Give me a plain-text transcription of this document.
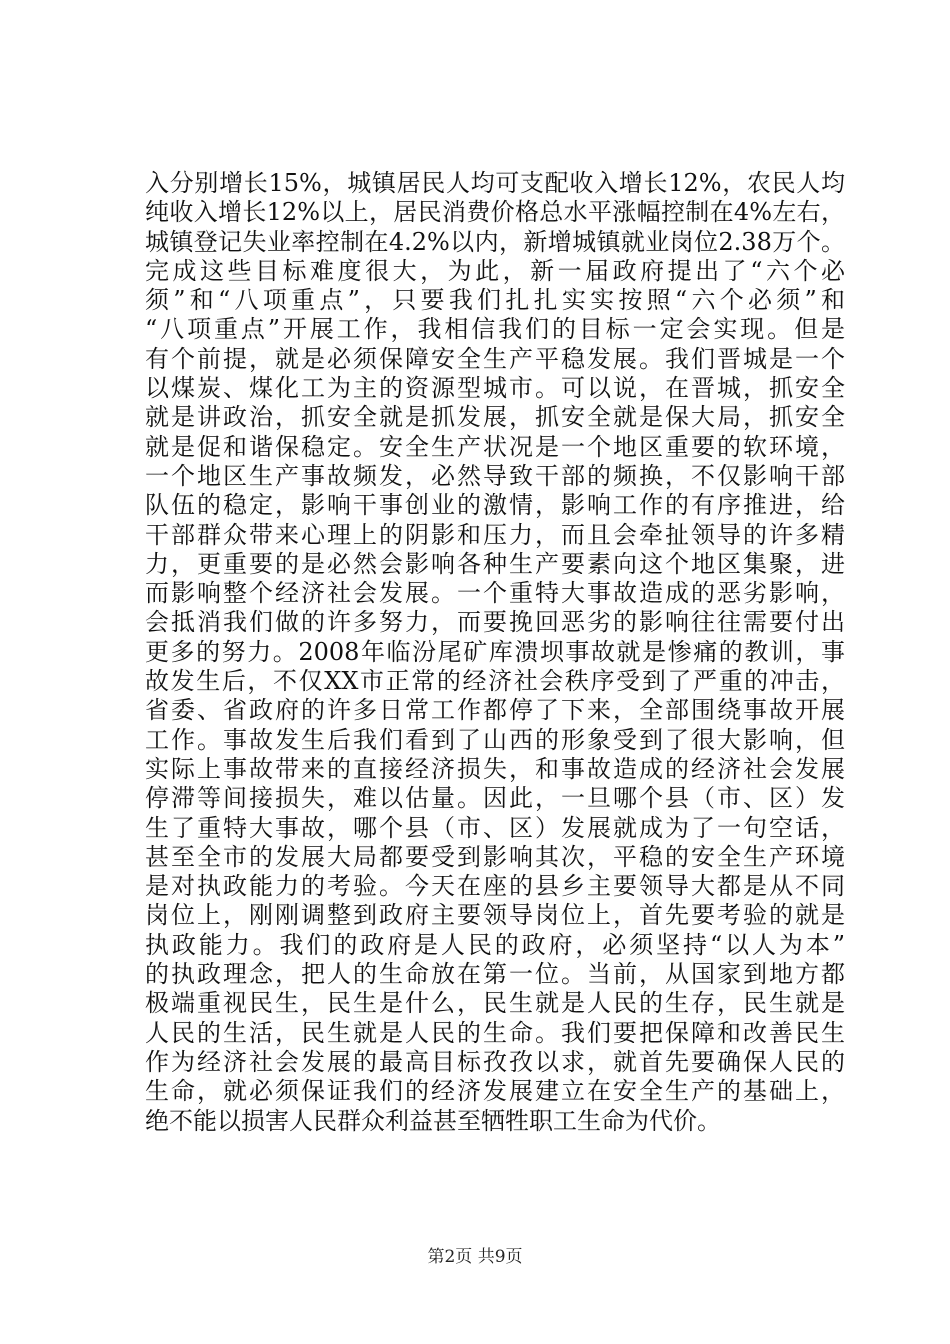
入分别增长15%，城镇居民人均可支配收入增长12%，农民人均
纯收入增长12%以上，居民消费价格总水平涨幅控制在4%左右，
城镇登记失业率控制在4.2%以内，新增城镇就业岗位2.38万个。
完成这些目标难度很大，为此，新一届政府提出了“六个必
须”和“八项重点”，只要我们扎扎实实按照“六个必须”和
“八项重点”开展工作，我相信我们的目标一定会实现。但是
有个前提，就是必须保障安全生产平稳发展。我们晋城是一个
以煤炭、煤化工为主的资源型城市。可以说，在晋城，抓安全
就是讲政治，抓安全就是抓发展，抓安全就是保大局，抓安全
就是促和谐保稳定。安全生产状况是一个地区重要的软环境，
一个地区生产事故频发，必然导致干部的频换，不仅影响干部
队伍的稳定，影响干事创业的激情，影响工作的有序推进，给
干部群众带来心理上的阴影和压力，而且会牵扯领导的许多精
力，更重要的是必然会影响各种生产要素向这个地区集聚，进
而影响整个经济社会发展。一个重特大事故造成的恶劣影响，
会抵消我们做的许多努力，而要挽回恶劣的影响往往需要付出
更多的努力。2008年临汾尾矿库溃坝事故就是惨痛的教训，事
故发生后，不仅XX市正常的经济社会秩序受到了严重的冲击，
省委、省政府的许多日常工作都停了下来，全部围绕事故开展
工作。事故发生后我们看到了山西的形象受到了很大影响，但
实际上事故带来的直接经济损失，和事故造成的经济社会发展
停滞等间接损失，难以估量。因此，一旦哪个县（市、区）发
生了重特大事故，哪个县（市、区）发展就成为了一句空话，
甚至全市的发展大局都要受到影响其次，平稳的安全生产环境
是对执政能力的考验。今天在座的县乡主要领导大都是从不同
岗位上，刚刚调整到政府主要领导岗位上，首先要考验的就是
执政能力。我们的政府是人民的政府，必须坚持“以人为本”
的执政理念，把人的生命放在第一位。当前，从国家到地方都
极端重视民生，民生是什么，民生就是人民的生存，民生就是
人民的生活，民生就是人民的生命。我们要把保障和改善民生
作为经济社会发展的最高目标孜孜以求，就首先要确保人民的
生命，就必须保证我们的经济发展建立在安全生产的基础上，
绝不能以损害人民群众利益甚至牺牲职工生命为代价。
第2页 共9页
